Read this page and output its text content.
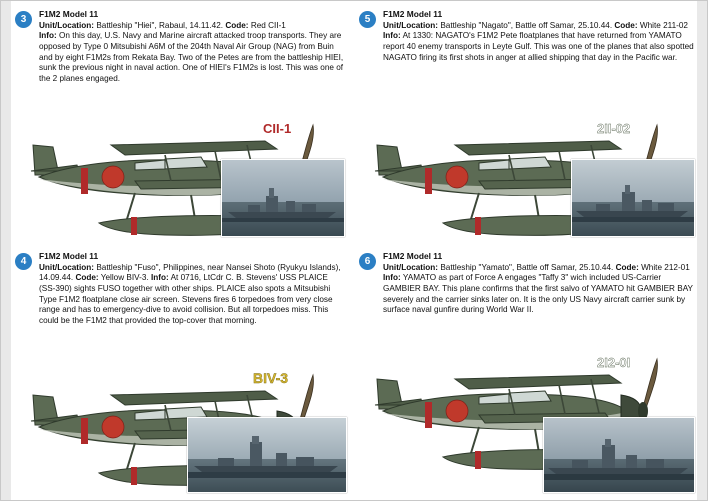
3	F1M2 Model 11

Unit/Location: Battleship "Hiei", Rabaul, 14.11.42. Code: Red CII-1

Info: On this day, U.S. Navy and Marine aircraft attacked troop transports. They are opposed by Type 0 Mitsubishi A6M of the 204th Naval Air Group (NAG) from Buin and by eight F1M2s from Rekata Bay. Two of the Petes are from the battleship HIEI, sunk the previous night in naval action. One of HIEI's F1M2s is lost. This was one of the 2 planes engaged.

CII-1
5	F1M2 Model 11

Unit/Location: Battleship "Nagato", Battle off Samar, 25.10.44. Code: White 211-02

Info: At 1330: NAGATO's F1M2 Pete floatplanes that have returned from YAMATO report 40 enemy transports in Leyte Gulf. This was one of the planes that also spotted NAGATO firing its first shots in anger at allied shipping that day in the Pacific war.

2II-02
4	F1M2 Model 11

Unit/Location: Battleship "Fuso", Philippines, near Nansei Shoto (Ryukyu Islands), 14.09.44. Code: Yellow BIV-3. Info: At 0716, LtCdr C. B. Stevens' USS PLAICE (SS-390) sights FUSO together with other ships. PLAICE also spots a Mitsubishi Type F1M2 floatplane close air screen. Stevens fires 6 torpedoes from very close range and has to emergency-dive to avoid collision. But all torpedoes miss. This could be the F1M2 that provided the top-cover that morning.

BIV-3
6	F1M2 Model 11

Unit/Location: Battleship "Yamato", Battle off Samar, 25.10.44. Code: White 212-01

Info: YAMATO as part of Force A engages "Taffy 3" wich included US-Carrier GAMBIER BAY. This plane confirms that the first salvo of YAMATO hit GAMBIER BAY severely and the carrier sinks later on. It is the only US Navy aircraft carrier sunk by surface naval gunfire during World War II.

2I2-0I
